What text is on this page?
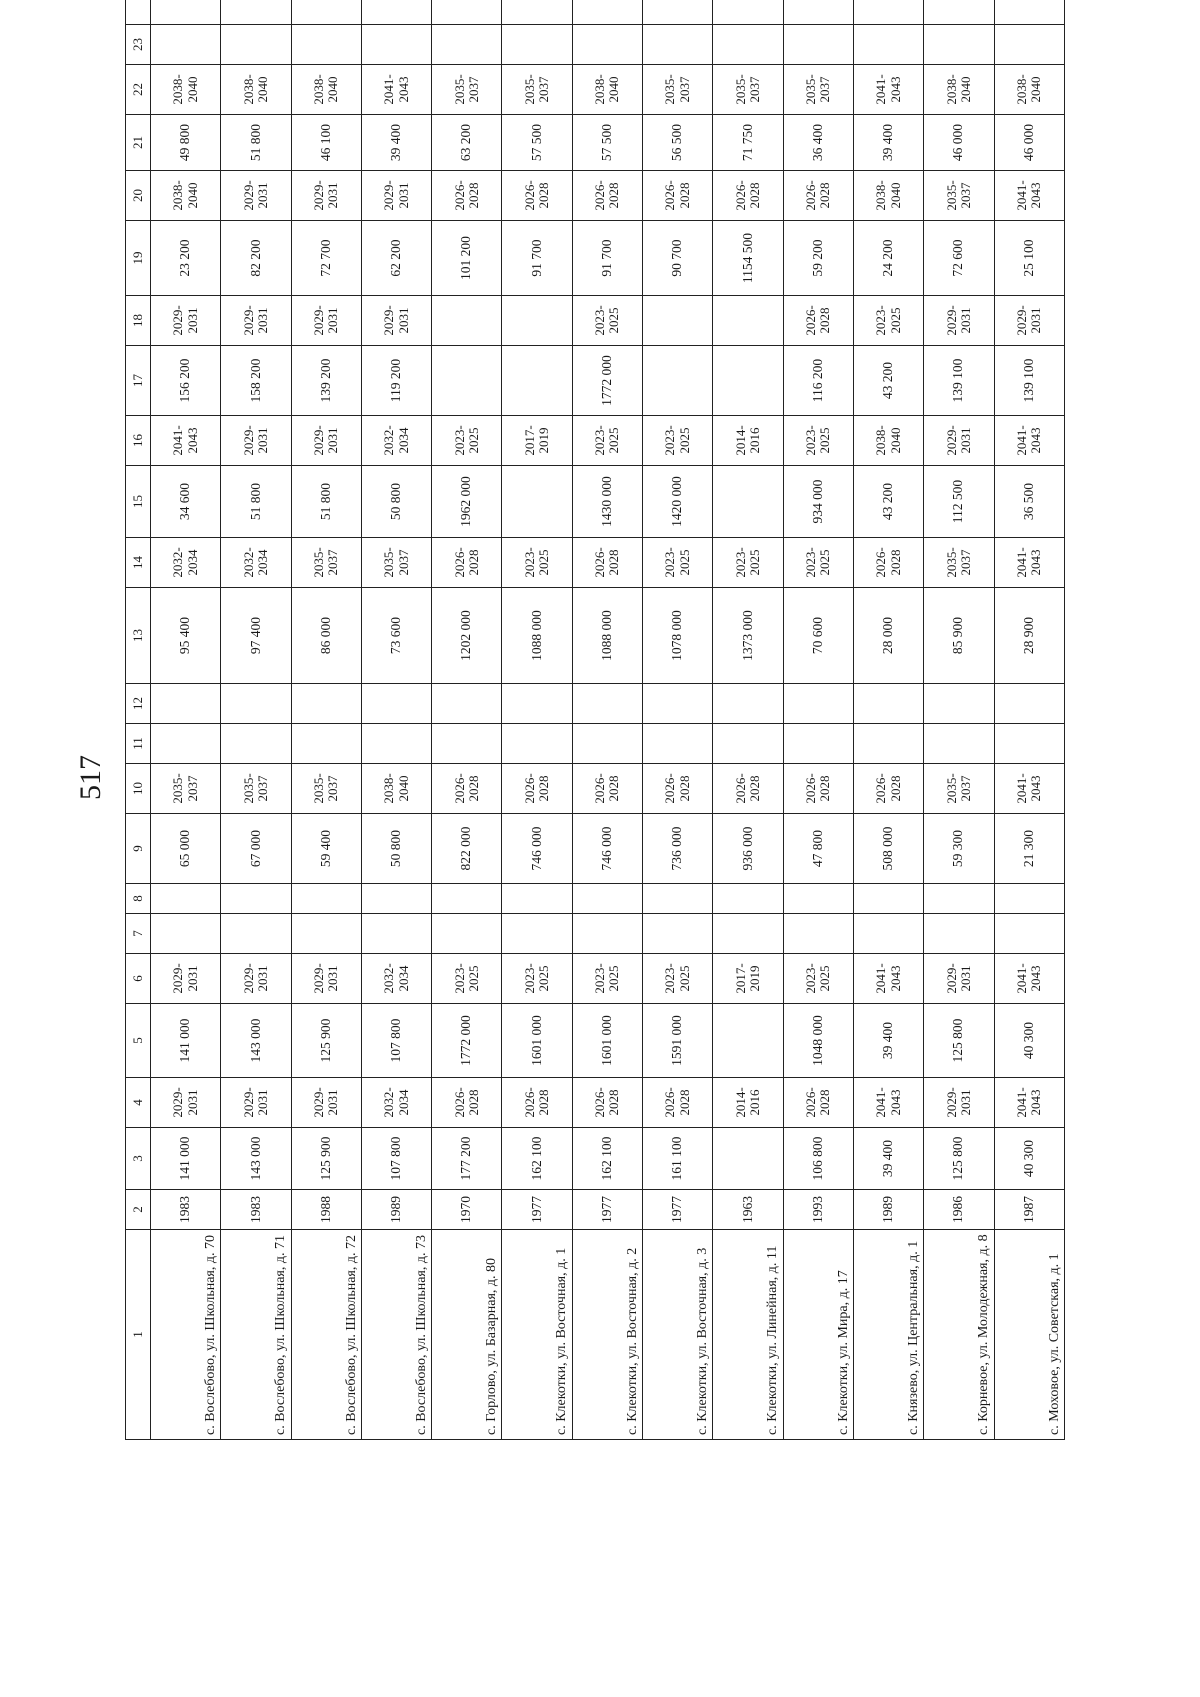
517
1	2	3	4	5	6	7	8	9	10	11	12	13	14	15	16	17	18	19	20	21	22	23	
с. Вослебово, ул. Школьная, д. 70	1983	141 000	2029-2031	141 000	2029-2031			65 000	2035-2037			95 400	2032-2034	34 600	2041-2043	156 200	2029-2031	23 200	2038-2040	49 800	2038-2040		
с. Вослебово, ул. Школьная, д. 71	1983	143 000	2029-2031	143 000	2029-2031			67 000	2035-2037			97 400	2032-2034	51 800	2029-2031	158 200	2029-2031	82 200	2029-2031	51 800	2038-2040		
с. Вослебово, ул. Школьная, д. 72	1988	125 900	2029-2031	125 900	2029-2031			59 400	2035-2037			86 000	2035-2037	51 800	2029-2031	139 200	2029-2031	72 700	2029-2031	46 100	2038-2040		
с. Вослебово, ул. Школьная, д. 73	1989	107 800	2032-2034	107 800	2032-2034			50 800	2038-2040			73 600	2035-2037	50 800	2032-2034	119 200	2029-2031	62 200	2029-2031	39 400	2041-2043		
с. Горлово, ул. Базарная, д. 80	1970	177 200	2026-2028	1772 000	2023-2025			822 000	2026-2028			1202 000	2026-2028	1962 000	2023-2025			101 200	2026-2028	63 200	2035-2037		
с. Клекотки, ул. Восточная, д. 1	1977	162 100	2026-2028	1601 000	2023-2025			746 000	2026-2028			1088 000	2023-2025		2017-2019			91 700	2026-2028	57 500	2035-2037		
с. Клекотки, ул. Восточная, д. 2	1977	162 100	2026-2028	1601 000	2023-2025			746 000	2026-2028			1088 000	2026-2028	1430 000	2023-2025	1772 000	2023-2025	91 700	2026-2028	57 500	2038-2040		
с. Клекотки, ул. Восточная, д. 3	1977	161 100	2026-2028	1591 000	2023-2025			736 000	2026-2028			1078 000	2023-2025	1420 000	2023-2025			90 700	2026-2028	56 500	2035-2037		
с. Клекотки, ул. Линейная, д. 11	1963		2014-2016		2017-2019			936 000	2026-2028			1373 000	2023-2025		2014-2016			1154 500	2026-2028	71 750	2035-2037		
с. Клекотки, ул. Мира, д. 17	1993	106 800	2026-2028	1048 000	2023-2025			47 800	2026-2028			70 600	2023-2025	934 000	2023-2025	116 200	2026-2028	59 200	2026-2028	36 400	2035-2037		
с. Князево, ул. Центральная, д. 1	1989	39 400	2041-2043	39 400	2041-2043			508 000	2026-2028			28 000	2026-2028	43 200	2038-2040	43 200	2023-2025	24 200	2038-2040	39 400	2041-2043		
с. Корневое, ул. Молодежная, д. 8	1986	125 800	2029-2031	125 800	2029-2031			59 300	2035-2037			85 900	2035-2037	112 500	2029-2031	139 100	2029-2031	72 600	2035-2037	46 000	2038-2040		
с. Моховое, ул. Советская, д. 1	1987	40 300	2041-2043	40 300	2041-2043			21 300	2041-2043			28 900	2041-2043	36 500	2041-2043	139 100	2029-2031	25 100	2041-2043	46 000	2038-2040		
